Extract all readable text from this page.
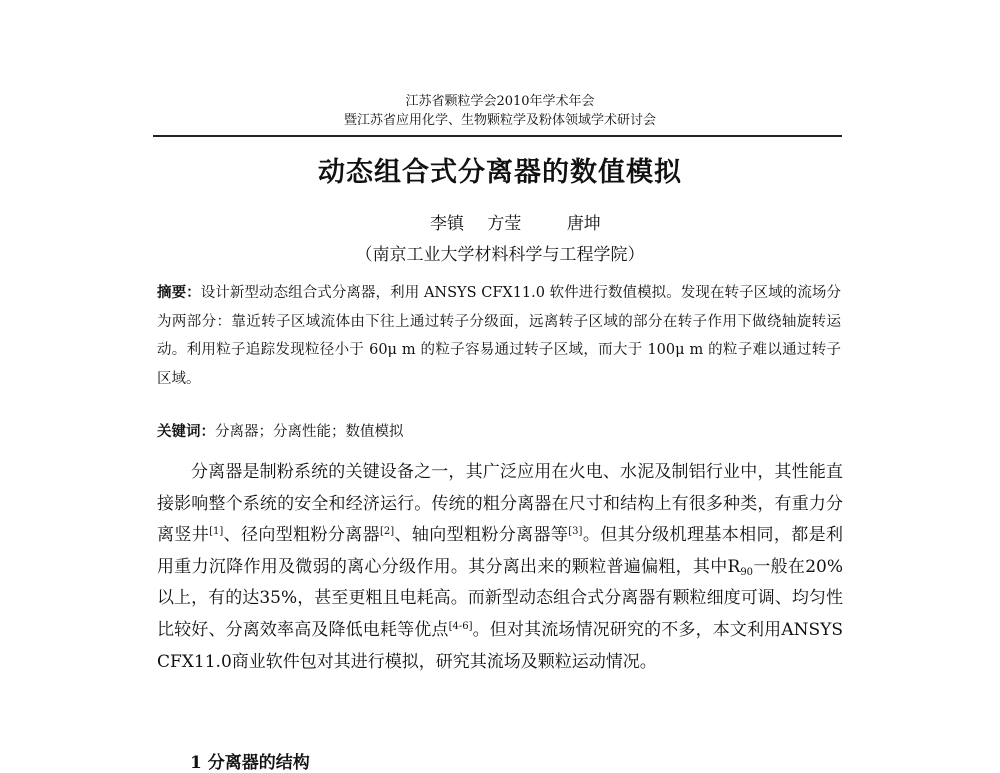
江苏省颗粒学会2010年学术年会
暨江苏省应用化学、生物颗粒学及粉体领域学术研讨会
动态组合式分离器的数值模拟
李镇 方莹	唐坤
（南京工业大学材料科学与工程学院）
摘要：设计新型动态组合式分离器，利用 ANSYS CFX11.0 软件进行数值模拟。发现在转子区域的流场分为两部分：靠近转子区域流体由下往上通过转子分级面，远离转子区域的部分在转子作用下做绕轴旋转运动。利用粒子追踪发现粒径小于 60μ m 的粒子容易通过转子区域，而大于 100μ m 的粒子难以通过转子区域。
关键词：分离器；分离性能；数值模拟

分离器是制粉系统的关键设备之一，其广泛应用在火电、水泥及制铝行业中，其性能直接影响整个系统的安全和经济运行。传统的粗分离器在尺寸和结构上有很多种类，有重力分离竖井[1]、径向型粗粉分离器[2]、轴向型粗粉分离器等[3]。但其分级机理基本相同，都是利用重力沉降作用及微弱的离心分级作用。其分离出来的颗粒普遍偏粗，其中$R_{90}$一般在20%以上，有的达35%，甚至更粗且电耗高。而新型动态组合式分离器有颗粒细度可调、均匀性比较好、分离效率高及降低电耗等优点[4-6]。但对其流场情况研究的不多，本文利用ANSYS CFX11.0商业软件包对其进行模拟，研究其流场及颗粒运动情况。

1 分离器的结构
